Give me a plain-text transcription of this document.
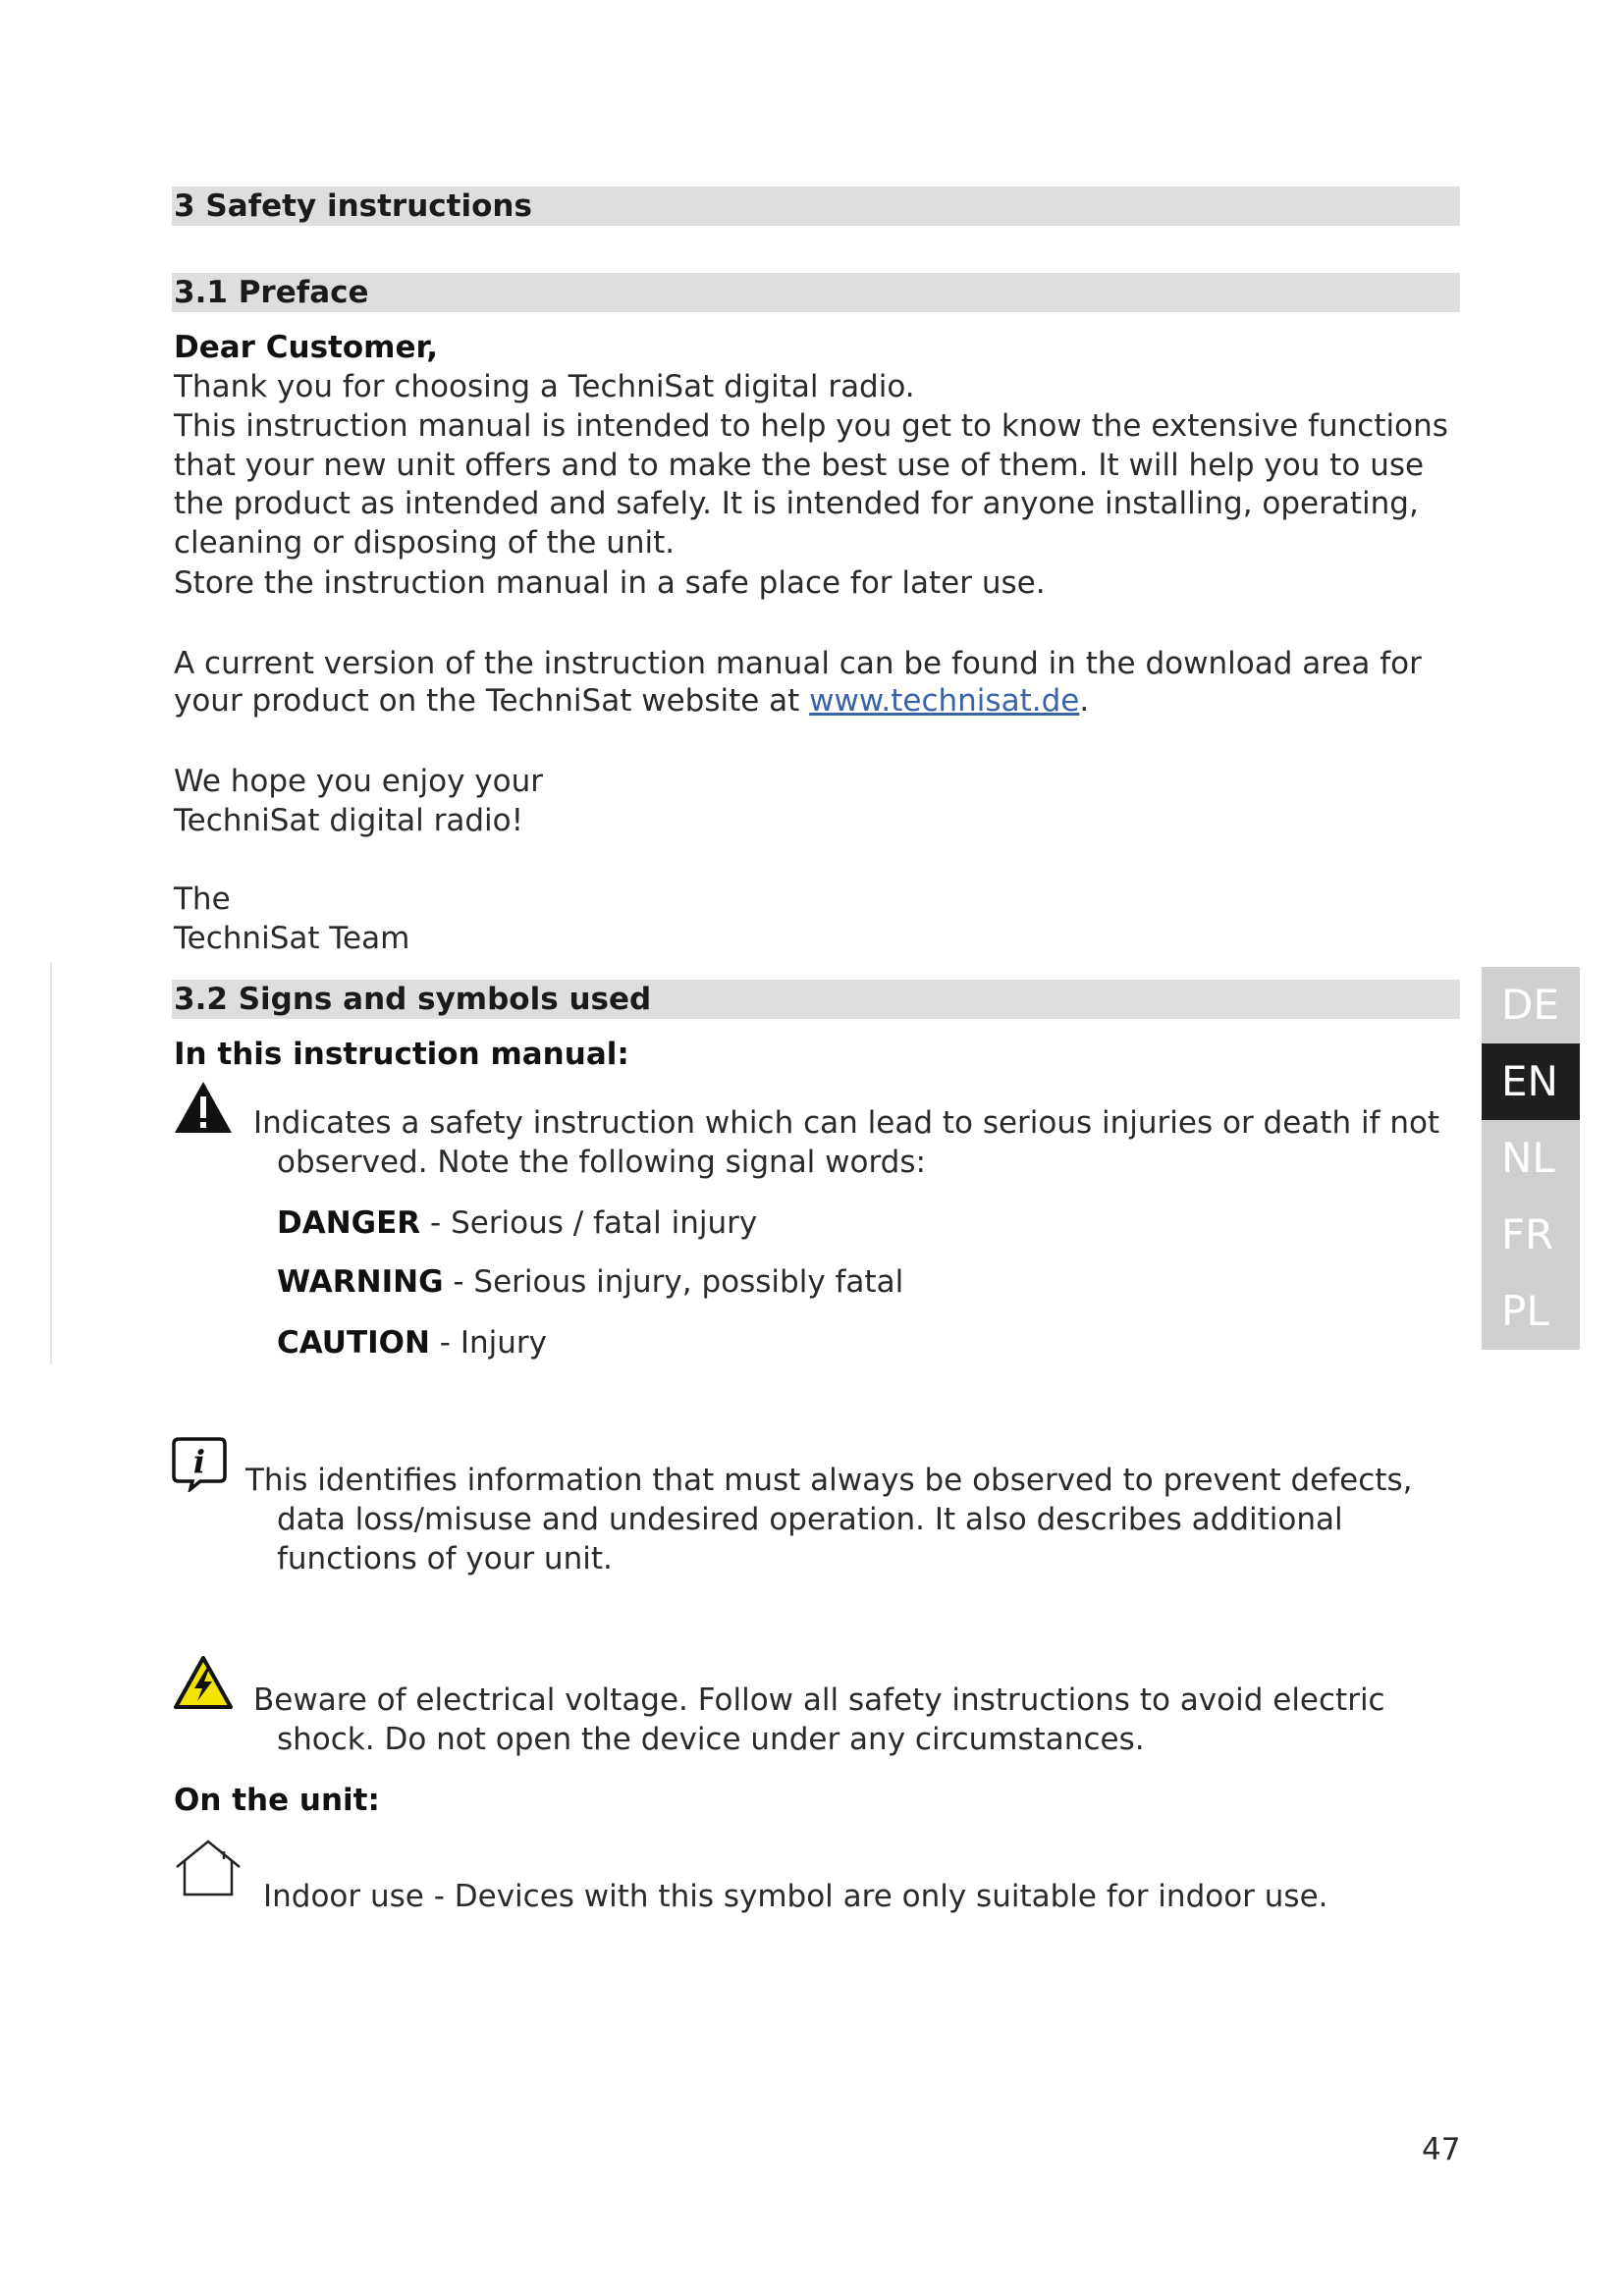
3 Safety instructions
3.1 Preface
Dear Customer,
Thank you for choosing a TechniSat digital radio.
This instruction manual is intended to help you get to know the extensive functions
that your new unit offers and to make the best use of them. It will help you to use
the product as intended and safely. It is intended for anyone installing, operating,
cleaning or disposing of the unit.
Store the instruction manual in a safe place for later use.
A current version of the instruction manual can be found in the download area for
your product on the TechniSat website at www.technisat.de.
We hope you enjoy your
TechniSat digital radio!
The
TechniSat Team
3.2 Signs and symbols used
In this instruction manual:
Indicates a safety instruction which can lead to serious injuries or death if not
observed. Note the following signal words:
DANGER - Serious / fatal injury
WARNING - Serious injury, possibly fatal
CAUTION - Injury
i This identifies information that must always be observed to prevent defects,
data loss/misuse and undesired operation. It also describes additional
functions of your unit.
Beware of electrical voltage. Follow all safety instructions to avoid electric
shock. Do not open the device under any circumstances.
On the unit:
Indoor use - Devices with this symbol are only suitable for indoor use.
DE
EN
NL
FR
PL
47
